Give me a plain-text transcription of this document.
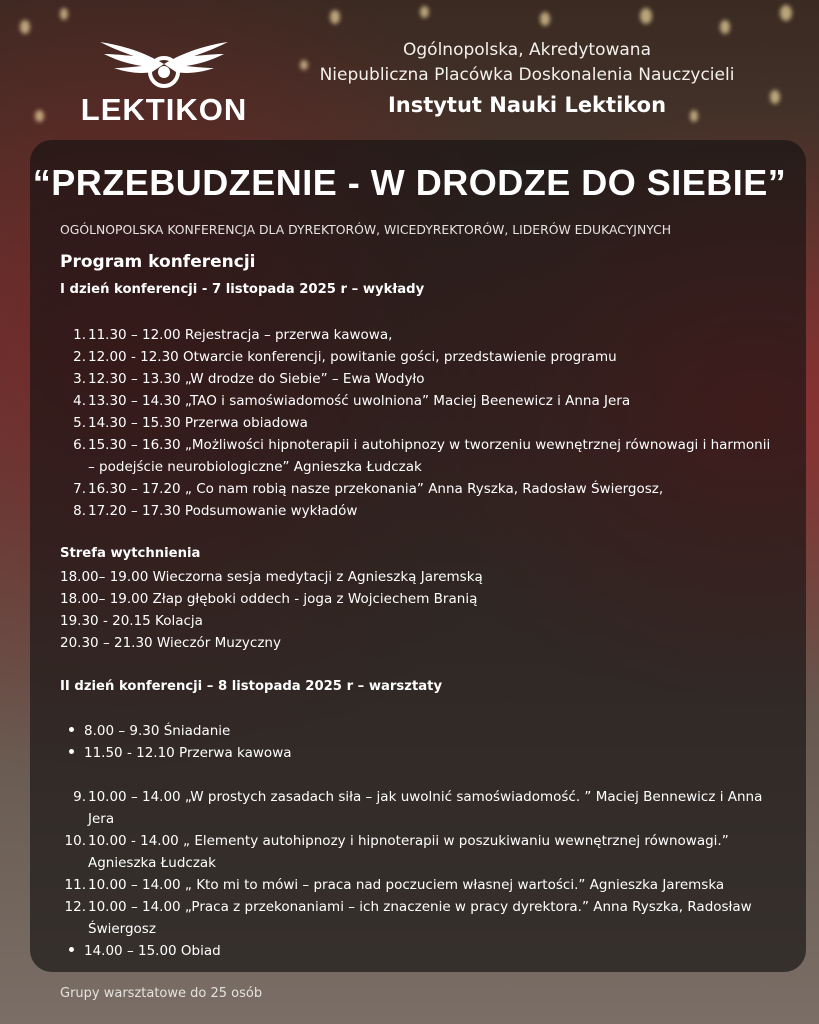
LEKTIKON
Ogólnopolska, Akredytowana
Niepubliczna Placówka Doskonalenia Nauczycieli
Instytut Nauki Lektikon
“PRZEBUDZENIE - W DRODZE DO SIEBIE”
OGÓLNOPOLSKA KONFERENCJA DLA DYREKTORÓW, WICEDYREKTORÓW, LIDERÓW EDUKACYJNYCH
Program konferencji
I dzień konferencji - 7 listopada 2025 r – wykłady
1. 11.30 – 12.00 Rejestracja – przerwa kawowa,
2. 12.00 - 12.30 Otwarcie konferencji, powitanie gości, przedstawienie programu
3. 12.30 – 13.30 „W drodze do Siebie” – Ewa Wodyło
4. 13.30 – 14.30 „TAO i samoświadomość uwolniona” Maciej Beenewicz i Anna Jera
5. 14.30 – 15.30 Przerwa obiadowa
6. 15.30 – 16.30 „Możliwości hipnoterapii i autohipnozy w tworzeniu wewnętrznej równowagi i harmonii
– podejście neurobiologiczne” Agnieszka Łudczak
7. 16.30 – 17.20 „ Co nam robią nasze przekonania” Anna Ryszka, Radosław Świergosz,
8. 17.20 – 17.30 Podsumowanie wykładów
Strefa wytchnienia
18.00– 19.00 Wieczorna sesja medytacji z Agnieszką Jaremską
18.00– 19.00 Złap głęboki oddech - joga z Wojciechem Branią
19.30 - 20.15 Kolacja
20.30 – 21.30 Wieczór Muzyczny
II dzień konferencji – 8 listopada 2025 r – warsztaty
8.00 – 9.30 Śniadanie
11.50 - 12.10 Przerwa kawowa
9. 10.00 – 14.00 „W prostych zasadach siła – jak uwolnić samoświadomość. ” Maciej Bennewicz i Anna
Jera
10. 10.00 - 14.00 „ Elementy autohipnozy i hipnoterapii w poszukiwaniu wewnętrznej równowagi.”
Agnieszka Łudczak
11. 10.00 – 14.00 „ Kto mi to mówi – praca nad poczuciem własnej wartości.” Agnieszka Jaremska
12. 10.00 – 14.00 „Praca z przekonaniami – ich znaczenie w pracy dyrektora.” Anna Ryszka, Radosław
Świergosz
14.00 – 15.00 Obiad
Grupy warsztatowe do 25 osób
